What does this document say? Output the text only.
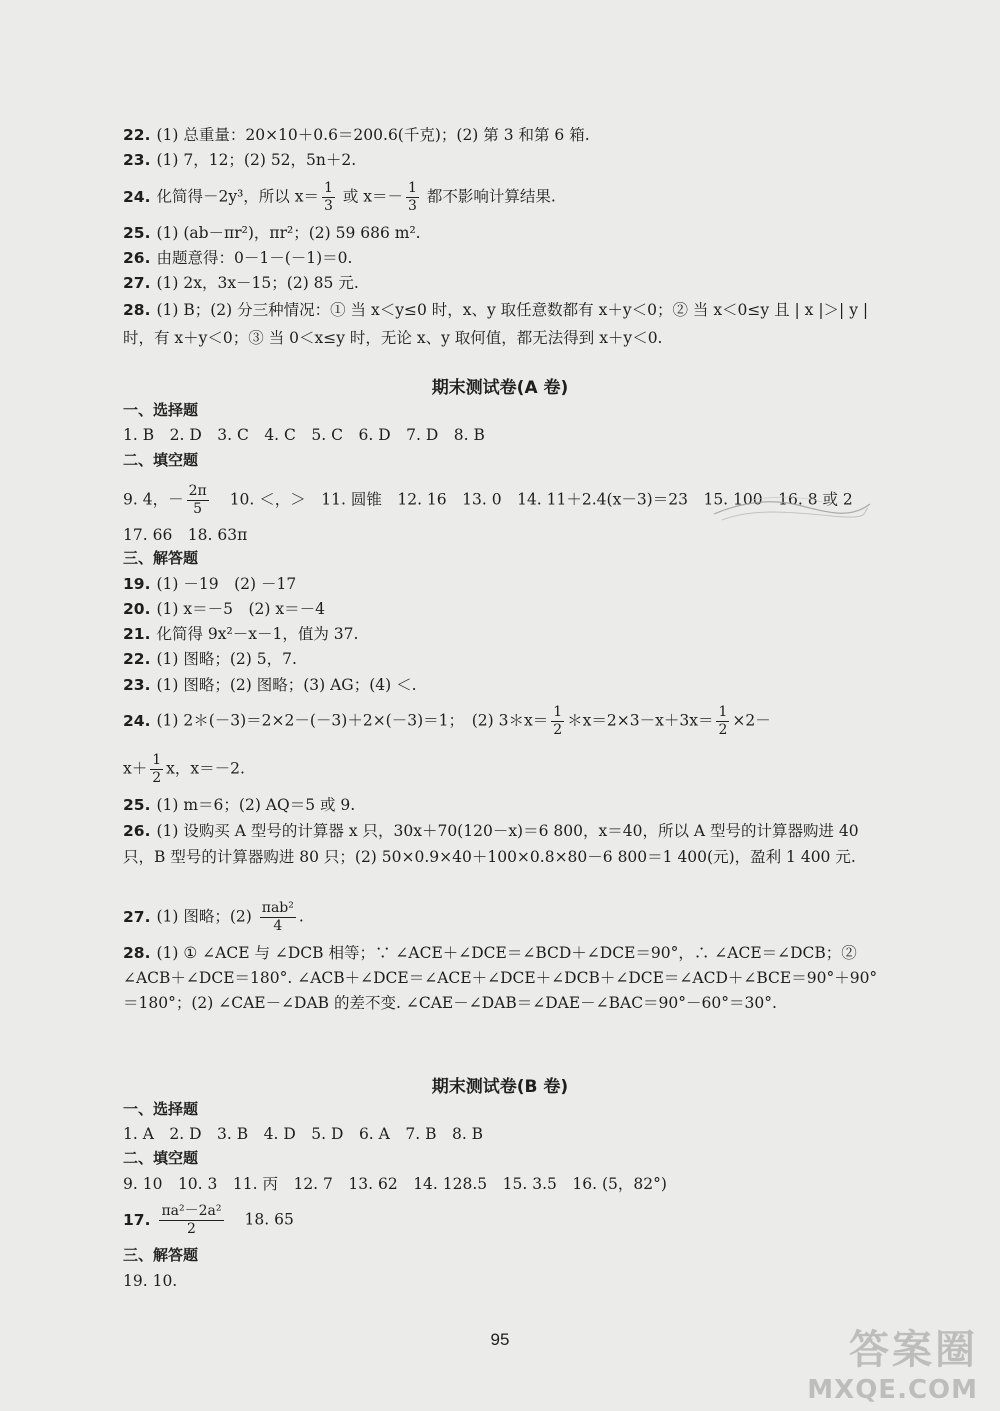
22. (1) 总重量：20×10＋0.6＝200.6(千克)；(2) 第 3 和第 6 箱.
23. (1) 7，12；(2) 52，5n＋2.
24. 化简得－2y³，所以 $x= \frac{1}{3}$ 或 $x=- \frac{1}{3}$ 都不影响计算结果.
25. (1) (ab－πr²)，πr²；(2) 59 686 m².
26. 由题意得：0－1－(－1)＝0.
27. (1) 2x，3x－15；(2) 85 元.
28. (1) B；(2) 分三种情况：① 当 x＜y≤0 时，x、y 取任意数都有 x＋y＜0；② 当 x＜0≤y 且 | x |＞| y | 时，有 x＋y＜0；③ 当 0＜x≤y 时，无论 x、y 取何值，都无法得到 x＋y＜0.
期末测试卷(A 卷)
一、选择题
1. B　2. D　3. C　4. C　5. C　6. D　7. D　8. B
二、填空题
9. 4，－ $\frac{2\pi}{5} 10$. ＜，＞　11. 圆锥　12. 16　13. 0　14. 11＋2.4(x－3)＝23　15. 100　16. 8 或 2
17. 66　18. 63π
三、解答题
19. (1) －19　(2) －17
20. (1) x＝－5　(2) x＝－4
21. 化简得 9x²－x－1，值为 37.
22. (1) 图略；(2) 5，7.
23. (1) 图略；(2) 图略；(3) AG；(4) ＜.
24. (1) 2＊(－3)＝2×2－(－3)＋2×(－3)＝1；　(2) 3＊x＝ $\frac{1}{2}$ ＊x＝2×3－x＋3x＝ $\frac{1}{2} \times 2-$
$x+ \frac{1}{2}$ x，x＝－2.
25. (1) m＝6；(2) AQ＝5 或 9.
26. (1) 设购买 A 型号的计算器 x 只，30x＋70(120－x)＝6 800，x＝40，所以 A 型号的计算器购进 40 只，B 型号的计算器购进 80 只；(2) 50×0.9×40＋100×0.8×80－6 800＝1 400(元)，盈利 1 400 元.
27. (1) 图略；$(2) \frac{\text{πab²}}{4}$ .
28. (1) ① ∠ACE 与 ∠DCB 相等；∵ ∠ACE＋∠DCE＝∠BCD＋∠DCE＝90°，∴ ∠ACE＝∠DCB；② ∠ACB＋∠DCE＝180°. ∠ACB＋∠DCE＝∠ACE＋∠DCE＋∠DCB＋∠DCE＝∠ACD＋∠BCE＝90°＋90°＝180°；(2) ∠CAE－∠DAB 的差不变. ∠CAE－∠DAB＝∠DAE－∠BAC＝90°－60°＝30°.
期末测试卷(B 卷)
一、选择题
1. A　2. D　3. B　4. D　5. D　6. A　7. B　8. B
二、填空题
9. 10　10. 3　11. 丙　12. 7　13. 62　14. 128.5　15. 3.5　16. (5，82°)
17. $\frac{\text{πa²－2a²}}{2} 18$. 65
三、解答题
19. 10.
95	答案圈
MXQE.COM
